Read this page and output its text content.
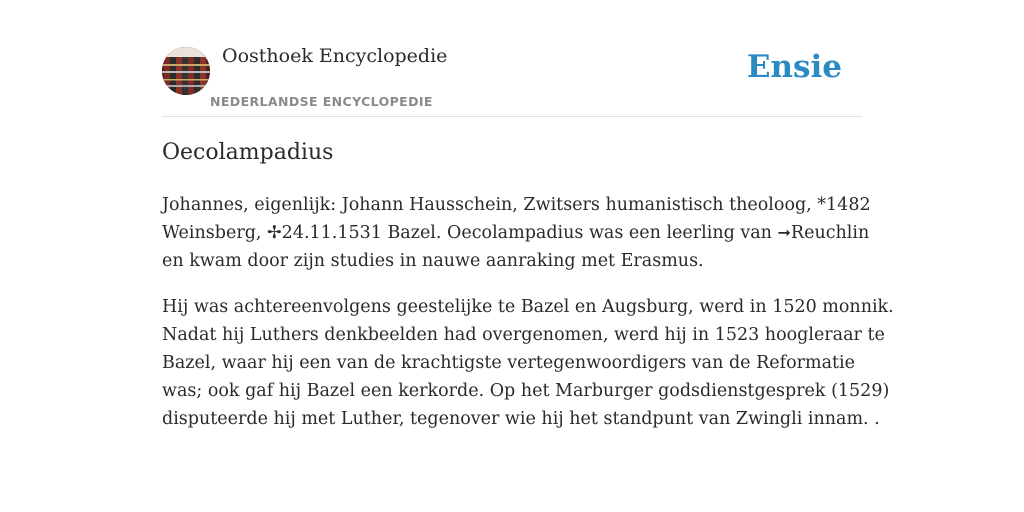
Oosthoek Encyclopedie
NEDERLANDSE ENCYCLOPEDIE
Ensie
Oecolampadius

Johannes, eigenlijk: Johann Hausschein, Zwitsers humanistisch theoloog, *1482
Weinsberg, ✢24.11.1531 Bazel. Oecolampadius was een leerling van ➞Reuchlin
en kwam door zijn studies in nauwe aanraking met Erasmus.

Hij was achtereenvolgens geestelijke te Bazel en Augsburg, werd in 1520 monnik.
Nadat hij Luthers denkbeelden had overgenomen, werd hij in 1523 hoogleraar te
Bazel, waar hij een van de krachtigste vertegenwoordigers van de Reformatie
was; ook gaf hij Bazel een kerkorde. Op het Marburger godsdienstgesprek (1529)
disputeerde hij met Luther, tegenover wie hij het standpunt van Zwingli innam. .
